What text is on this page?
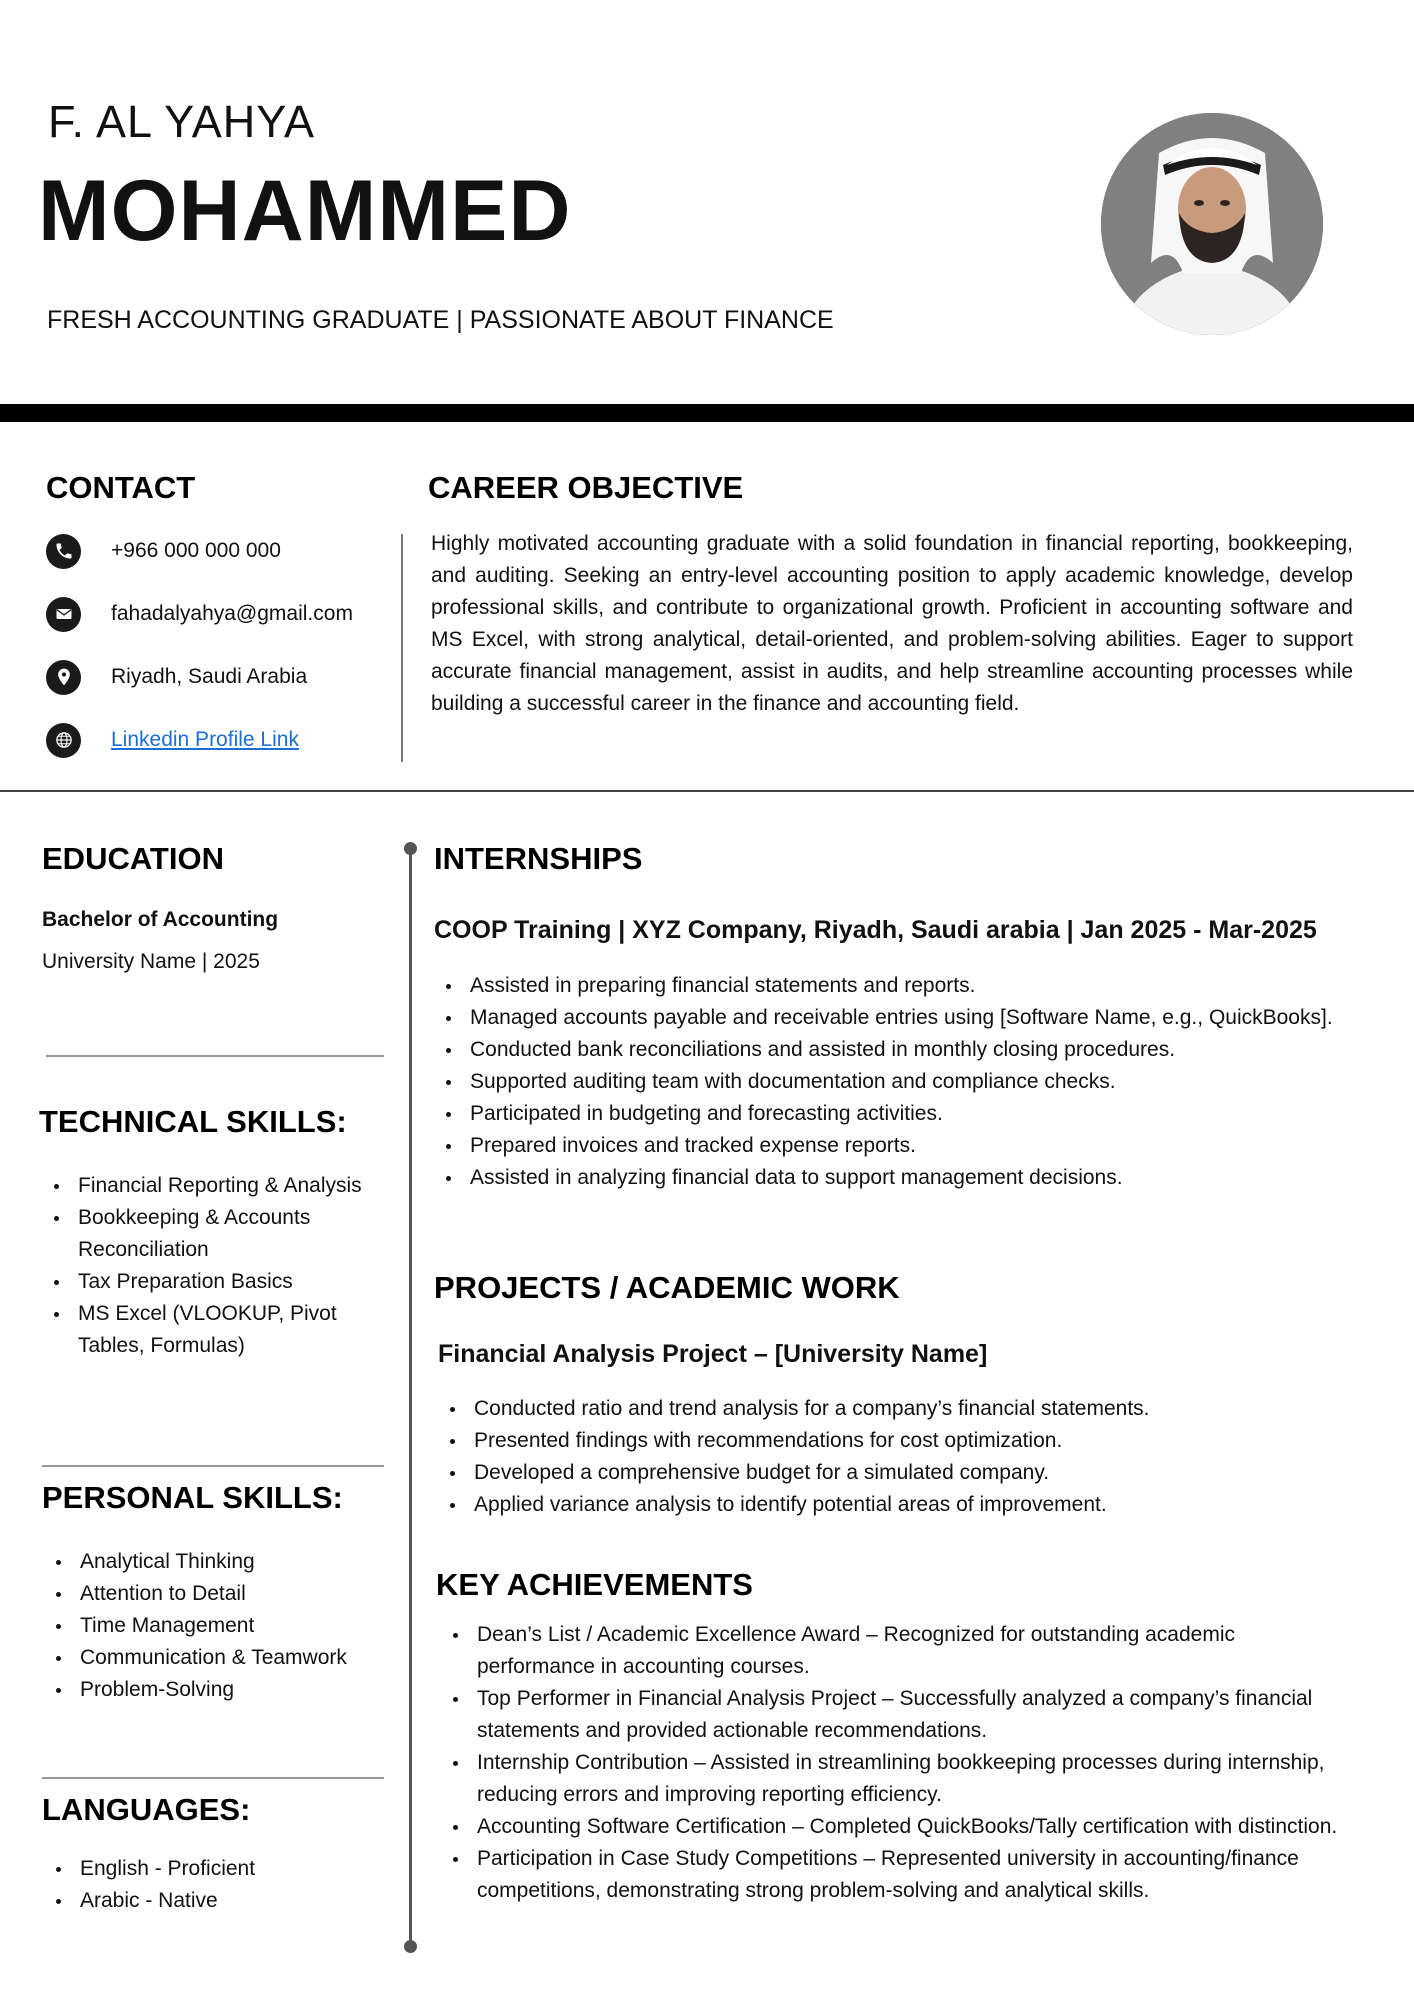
F. AL YAHYA
MOHAMMED
FRESH ACCOUNTING GRADUATE | PASSIONATE ABOUT FINANCE
CONTACT
+966 000 000 000
fahadalyahya@gmail.com
Riyadh, Saudi Arabia
Linkedin Profile Link
CAREER OBJECTIVE
Highly motivated accounting graduate with a solid foundation in financial reporting, bookkeeping, and auditing. Seeking an entry-level accounting position to apply academic knowledge, develop professional skills, and contribute to organizational growth. Proficient in accounting software and MS Excel, with strong analytical, detail-oriented, and problem-solving abilities. Eager to support accurate financial management, assist in audits, and help streamline accounting processes while building a successful career in the finance and accounting field.
EDUCATION
Bachelor of Accounting
University Name | 2025
TECHNICAL SKILLS:
Financial Reporting & Analysis
Bookkeeping & Accounts Reconciliation
Tax Preparation Basics
MS Excel (VLOOKUP, Pivot Tables, Formulas)
PERSONAL SKILLS:
Analytical Thinking
Attention to Detail
Time Management
Communication & Teamwork
Problem-Solving
LANGUAGES:
English - Proficient
Arabic - Native
INTERNSHIPS
COOP Training | XYZ Company, Riyadh, Saudi arabia | Jan 2025 - Mar-2025
Assisted in preparing financial statements and reports.
Managed accounts payable and receivable entries using [Software Name, e.g., QuickBooks].
Conducted bank reconciliations and assisted in monthly closing procedures.
Supported auditing team with documentation and compliance checks.
Participated in budgeting and forecasting activities.
Prepared invoices and tracked expense reports.
Assisted in analyzing financial data to support management decisions.
PROJECTS / ACADEMIC WORK
Financial Analysis Project – [University Name]
Conducted ratio and trend analysis for a company’s financial statements.
Presented findings with recommendations for cost optimization.
Developed a comprehensive budget for a simulated company.
Applied variance analysis to identify potential areas of improvement.
KEY ACHIEVEMENTS
Dean’s List / Academic Excellence Award – Recognized for outstanding academic performance in accounting courses.
Top Performer in Financial Analysis Project – Successfully analyzed a company’s financial statements and provided actionable recommendations.
Internship Contribution – Assisted in streamlining bookkeeping processes during internship, reducing errors and improving reporting efficiency.
Accounting Software Certification – Completed QuickBooks/Tally certification with distinction.
Participation in Case Study Competitions – Represented university in accounting/finance competitions, demonstrating strong problem-solving and analytical skills.
